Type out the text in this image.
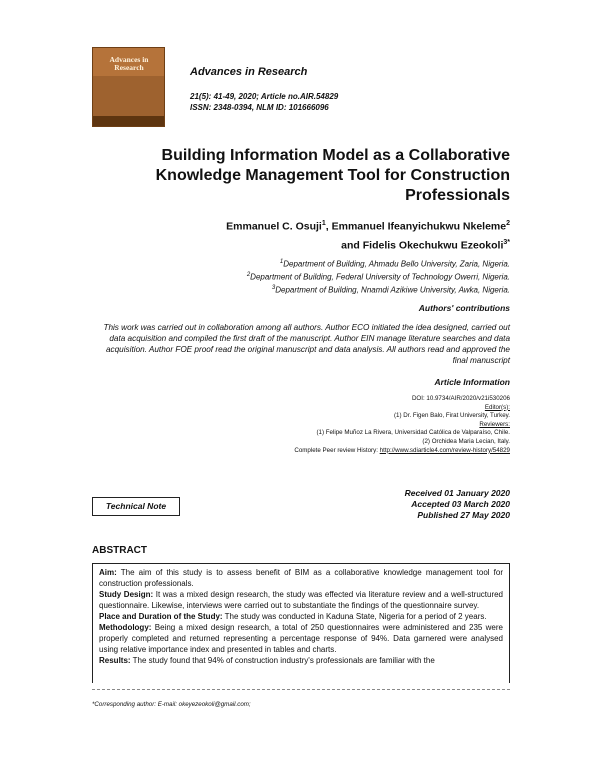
Advances in Research	Advances in Research
21(5): 41-49, 2020; Article no.AIR.54829
ISSN: 2348-0394, NLM ID: 101666096
Building Information Model as a Collaborative
Knowledge Management Tool for Construction
Professionals
Emmanuel C. Osuji$^1$, Emmanuel Ifeanyichukwu Nkeleme$^2$
and Fidelis Okechukwu Ezeokoli$^{3*}$
$^1$Department of Building, Ahmadu Bello University, Zaria, Nigeria.
$^2$Department of Building, Federal University of Technology Owerri, Nigeria.
$^3$Department of Building, Nnamdi Azikiwe University, Awka, Nigeria.
Authors' contributions
This work was carried out in collaboration among all authors. Author ECO initiated the idea designed, carried out data acquisition and compiled the first draft of the manuscript. Author EIN manage literature searches and data acquisition. Author FOE proof read the original manuscript and data analysis. All authors read and approved the final manuscript
Article Information
DOI: 10.9734/AIR/2020/v21i530206
Editor(s):
(1) Dr. Figen Balo, Firat University, Turkey.
Reviewers:
(1) Felipe Muñoz La Rivera, Universidad Católica de Valparaíso, Chile.
(2) Orchidea Maria Lecian, Italy.
Complete Peer review History: http://www.sdiarticle4.com/review-history/54829
Technical Note
Received 01 January 2020
Accepted 03 March 2020
Published 27 May 2020
ABSTRACT

Aim: The aim of this study is to assess benefit of BIM as a collaborative knowledge management tool for construction professionals.

Study Design: It was a mixed design research, the study was effected via literature review and a well-structured questionnaire. Likewise, interviews were carried out to substantiate the findings of the questionnaire survey.

Place and Duration of the Study: The study was conducted in Kaduna State, Nigeria for a period of 2 years.

Methodology: Being a mixed design research, a total of 250 questionnaires were administered and 235 were properly completed and returned representing a percentage response of 94%. Data garnered were analysed using relative importance index and presented in tables and charts.

Results: The study found that 94% of construction industry's professionals are familiar with the

*Corresponding author: E-mail: okeyezeokoli@gmail.com;
